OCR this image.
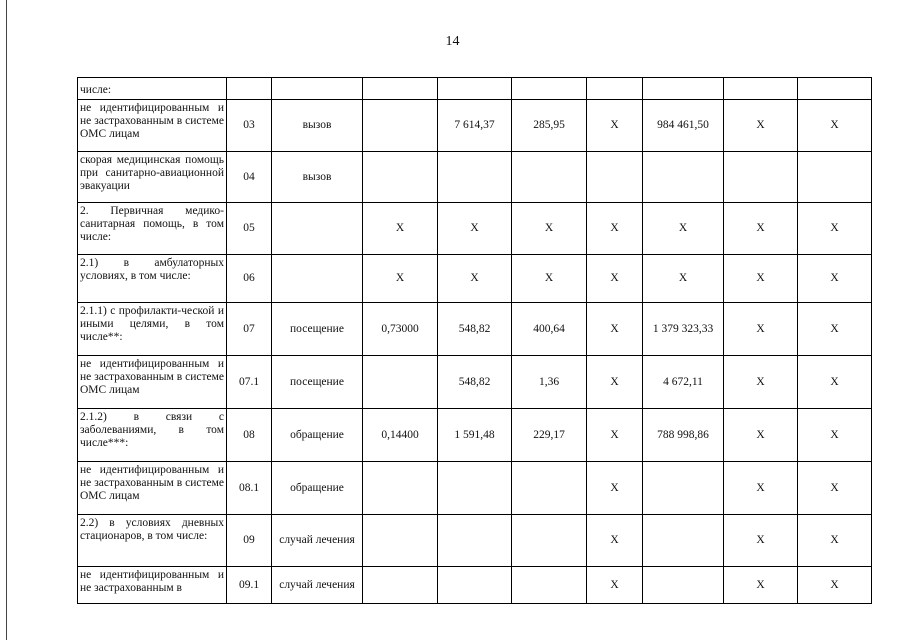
14
числе:									
не идентифицированным и не застрахованным в системе ОМС лицам	03	вызов		7 614,37	285,95	X	984 461,50	X	X
скорая медицинская помощь при санитарно-авиационной эвакуации	04	вызов							
2. Первичная медико-санитарная помощь, в том числе:	05		X	X	X	X	X	X	X
2.1) в амбулаторных условиях, в том числе:	06		X	X	X	X	X	X	X
2.1.1) с профилакти-ческой и иными целями, в том числе**:	07	посещение	0,73000	548,82	400,64	X	1 379 323,33	X	X
не идентифицированным и не застрахованным в системе ОМС лицам	07.1	посещение		548,82	1,36	X	4 672,11	X	X
2.1.2) в связи с заболеваниями, в том числе***:	08	обращение	0,14400	1 591,48	229,17	X	788 998,86	X	X
не идентифицированным и не застрахованным в системе ОМС лицам	08.1	обращение				X		X	X
2.2) в условиях дневных стационаров, в том числе:	09	случай лечения				X		X	X
не идентифицированным и не застрахованным в	09.1	случай лечения				X		X	X
